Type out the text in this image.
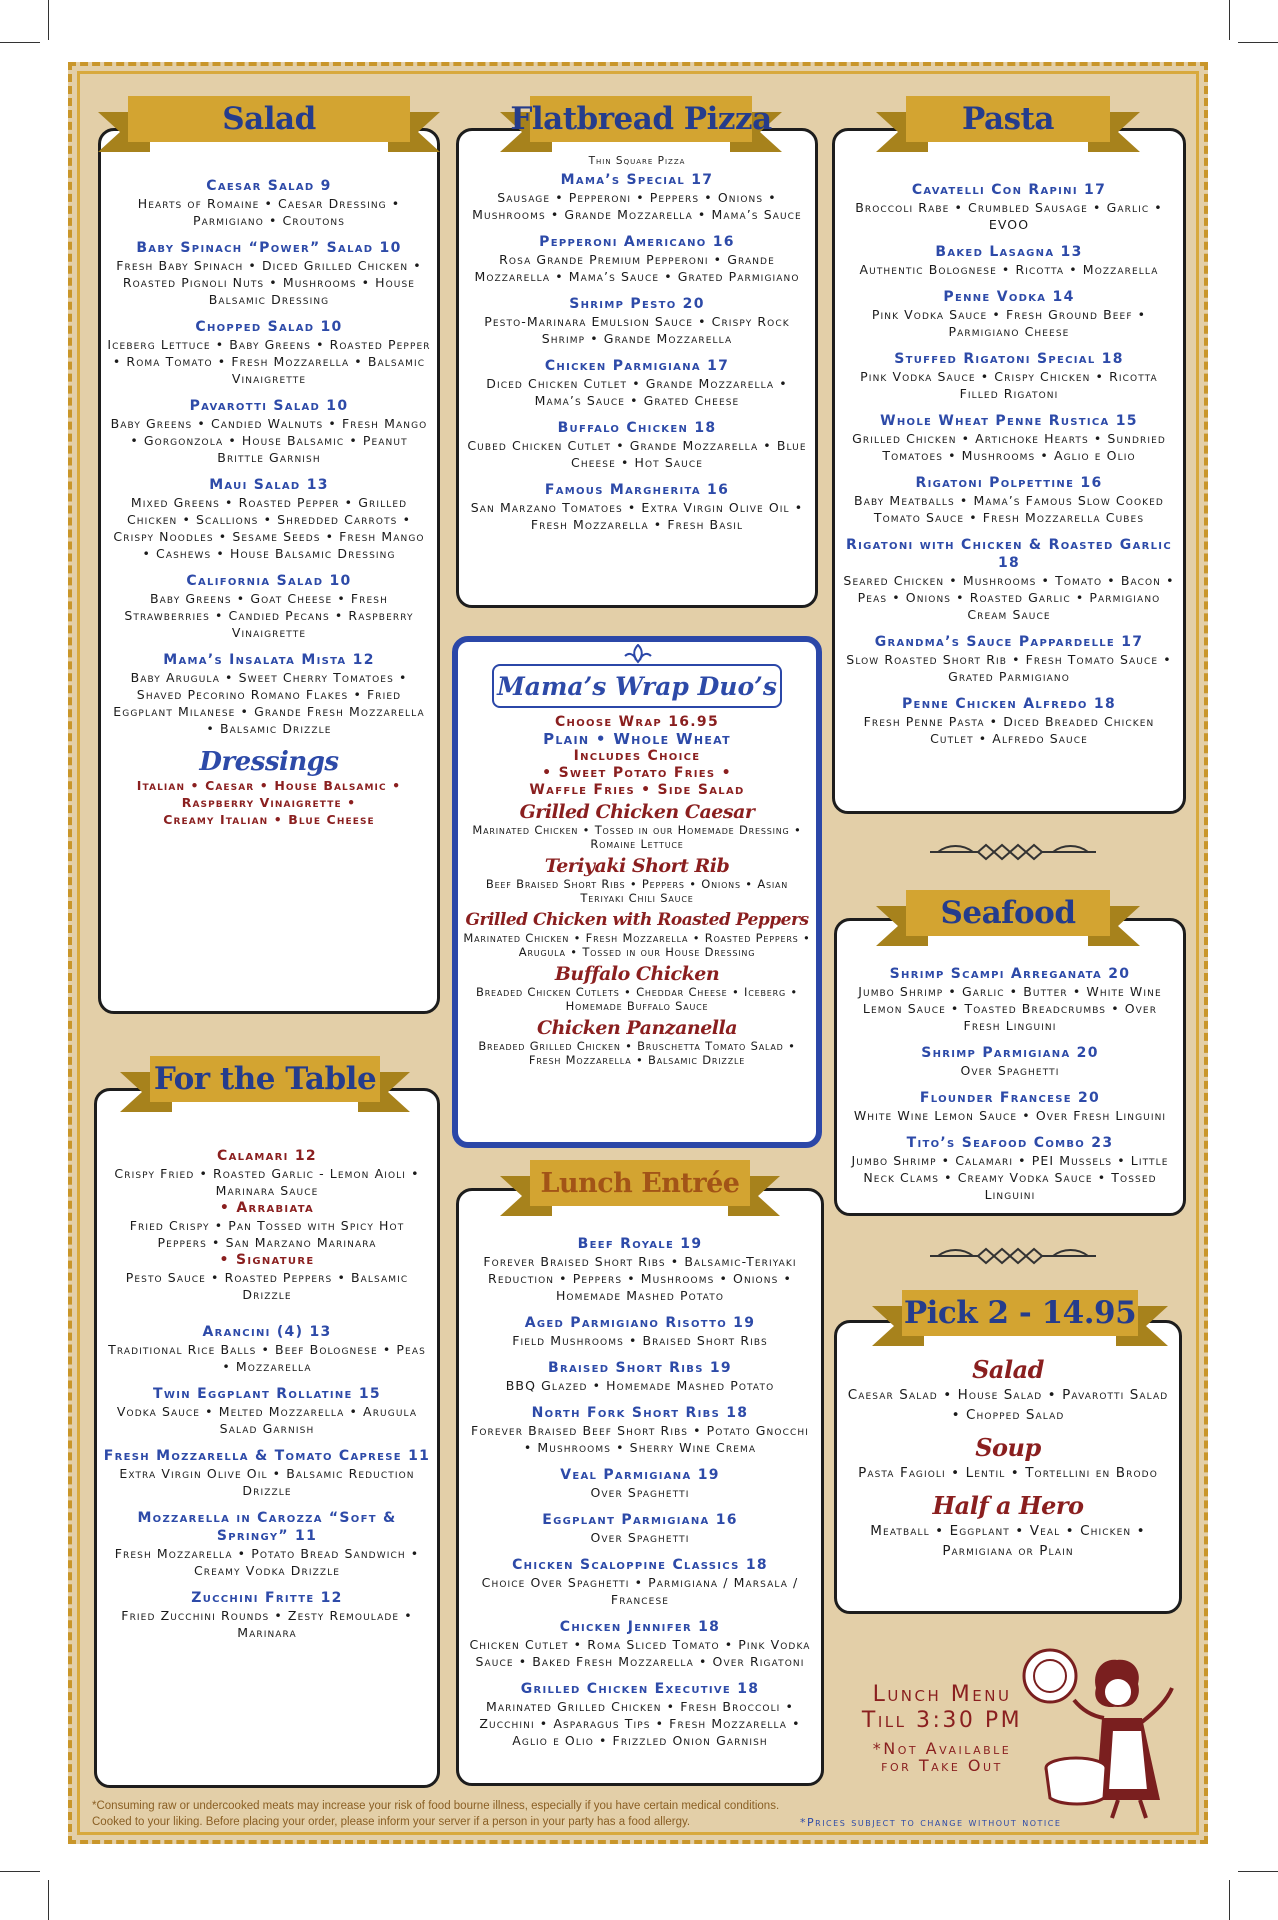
Caesar Salad 9
Hearts of Romaine • Caesar Dressing • Parmigiano • Croutons
Baby Spinach “Power” Salad 10
Fresh Baby Spinach • Diced Grilled Chicken • Roasted Pignoli Nuts • Mushrooms • House Balsamic Dressing
Chopped Salad 10
Iceberg Lettuce • Baby Greens • Roasted Pepper • Roma Tomato • Fresh Mozzarella • Balsamic Vinaigrette
Pavarotti Salad 10
Baby Greens • Candied Walnuts • Fresh Mango • Gorgonzola • House Balsamic • Peanut Brittle Garnish
Maui Salad 13
Mixed Greens • Roasted Pepper • Grilled Chicken • Scallions • Shredded Carrots • Crispy Noodles • Sesame Seeds • Fresh Mango • Cashews • House Balsamic Dressing
California Salad 10
Baby Greens • Goat Cheese • Fresh Strawberries • Candied Pecans • Raspberry Vinaigrette
Mama’s Insalata Mista 12
Baby Arugula • Sweet Cherry Tomatoes • Shaved Pecorino Romano Flakes • Fried Eggplant Milanese • Grande Fresh Mozzarella • Balsamic Drizzle
Dressings
Italian • Caesar • House Balsamic •
Raspberry Vinaigrette •
Creamy Italian • Blue Cheese
Salad
Thin Square Pizza
Mama’s Special 17
Sausage • Pepperoni • Peppers • Onions • Mushrooms • Grande Mozzarella • Mama’s Sauce
Pepperoni Americano 16
Rosa Grande Premium Pepperoni • Grande Mozzarella • Mama’s Sauce • Grated Parmigiano
Shrimp Pesto 20
Pesto-Marinara Emulsion Sauce • Crispy Rock Shrimp • Grande Mozzarella
Chicken Parmigiana 17
Diced Chicken Cutlet • Grande Mozzarella • Mama’s Sauce • Grated Cheese
Buffalo Chicken 18
Cubed Chicken Cutlet • Grande Mozzarella • Blue Cheese • Hot Sauce
Famous Margherita 16
San Marzano Tomatoes • Extra Virgin Olive Oil • Fresh Mozzarella • Fresh Basil
Flatbread Pizza
Cavatelli Con Rapini 17
Broccoli Rabe • Crumbled Sausage • Garlic • EVOO
Baked Lasagna 13
Authentic Bolognese • Ricotta • Mozzarella
Penne Vodka 14
Pink Vodka Sauce • Fresh Ground Beef • Parmigiano Cheese
Stuffed Rigatoni Special 18
Pink Vodka Sauce • Crispy Chicken • Ricotta Filled Rigatoni
Whole Wheat Penne Rustica 15
Grilled Chicken • Artichoke Hearts • Sundried Tomatoes • Mushrooms • Aglio e Olio
Rigatoni Polpettine 16
Baby Meatballs • Mama’s Famous Slow Cooked Tomato Sauce • Fresh Mozzarella Cubes
Rigatoni with Chicken & Roasted Garlic 18
Seared Chicken • Mushrooms • Tomato • Bacon • Peas • Onions • Roasted Garlic • Parmigiano Cream Sauce
Grandma’s Sauce Pappardelle 17
Slow Roasted Short Rib • Fresh Tomato Sauce • Grated Parmigiano
Penne Chicken Alfredo 18
Fresh Penne Pasta • Diced Breaded Chicken Cutlet • Alfredo Sauce
Pasta
Mama’s Wrap Duo’s
Choose Wrap 16.95
Plain • Whole Wheat
Includes Choice
• Sweet Potato Fries •
Waffle Fries • Side Salad
Grilled Chicken Caesar
Marinated Chicken • Tossed in our Homemade Dressing • Romaine Lettuce
Teriyaki Short Rib
Beef Braised Short Ribs • Peppers • Onions • Asian Teriyaki Chili Sauce
Grilled Chicken with Roasted Peppers
Marinated Chicken • Fresh Mozzarella • Roasted Peppers • Arugula • Tossed in our House Dressing
Buffalo Chicken
Breaded Chicken Cutlets • Cheddar Cheese • Iceberg • Homemade Buffalo Sauce
Chicken Panzanella
Breaded Grilled Chicken • Bruschetta Tomato Salad • Fresh Mozzarella • Balsamic Drizzle
Shrimp Scampi Arreganata 20
Jumbo Shrimp • Garlic • Butter • White Wine Lemon Sauce • Toasted Breadcrumbs • Over Fresh Linguini
Shrimp Parmigiana 20
Over Spaghetti
Flounder Francese 20
White Wine Lemon Sauce • Over Fresh Linguini
Tito’s Seafood Combo 23
Jumbo Shrimp • Calamari • PEI Mussels • Little Neck Clams • Creamy Vodka Sauce • Tossed Linguini
Seafood
Calamari 12
Crispy Fried • Roasted Garlic - Lemon Aioli • Marinara Sauce
• Arrabiata
Fried Crispy • Pan Tossed with Spicy Hot Peppers • San Marzano Marinara
• Signature
Pesto Sauce • Roasted Peppers • Balsamic Drizzle
Arancini (4) 13
Traditional Rice Balls • Beef Bolognese • Peas • Mozzarella
Twin Eggplant Rollatine 15
Vodka Sauce • Melted Mozzarella • Arugula Salad Garnish
Fresh Mozzarella & Tomato Caprese 11
Extra Virgin Olive Oil • Balsamic Reduction Drizzle
Mozzarella in Carozza “Soft & Springy” 11
Fresh Mozzarella • Potato Bread Sandwich • Creamy Vodka Drizzle
Zucchini Fritte 12
Fried Zucchini Rounds • Zesty Remoulade • Marinara
For the Table
Beef Royale 19
Forever Braised Short Ribs • Balsamic-Teriyaki Reduction • Peppers • Mushrooms • Onions • Homemade Mashed Potato
Aged Parmigiano Risotto 19
Field Mushrooms • Braised Short Ribs
Braised Short Ribs 19
BBQ Glazed • Homemade Mashed Potato
North Fork Short Ribs 18
Forever Braised Beef Short Ribs • Potato Gnocchi • Mushrooms • Sherry Wine Crema
Veal Parmigiana 19
Over Spaghetti
Eggplant Parmigiana 16
Over Spaghetti
Chicken Scaloppine Classics 18
Choice Over Spaghetti • Parmigiana / Marsala / Francese
Chicken Jennifer 18
Chicken Cutlet • Roma Sliced Tomato • Pink Vodka Sauce • Baked Fresh Mozzarella • Over Rigatoni
Grilled Chicken Executive 18
Marinated Grilled Chicken • Fresh Broccoli • Zucchini • Asparagus Tips • Fresh Mozzarella • Aglio e Olio • Frizzled Onion Garnish
Lunch Entrée
Salad
Caesar Salad • House Salad • Pavarotti Salad • Chopped Salad
Soup
Pasta Fagioli • Lentil • Tortellini en Brodo
Half a Hero
Meatball • Eggplant • Veal • Chicken • Parmigiana or Plain
Pick 2 - 14.95
Lunch Menu
Till 3:30 PM
*Not Available
for Take Out
*Consuming raw or undercooked meats may increase your risk of food bourne illness, especially if you have certain medical conditions.
Cooked to your liking. Before placing your order, please inform your server if a person in your party has a food allergy.	*Prices subject to change without notice
